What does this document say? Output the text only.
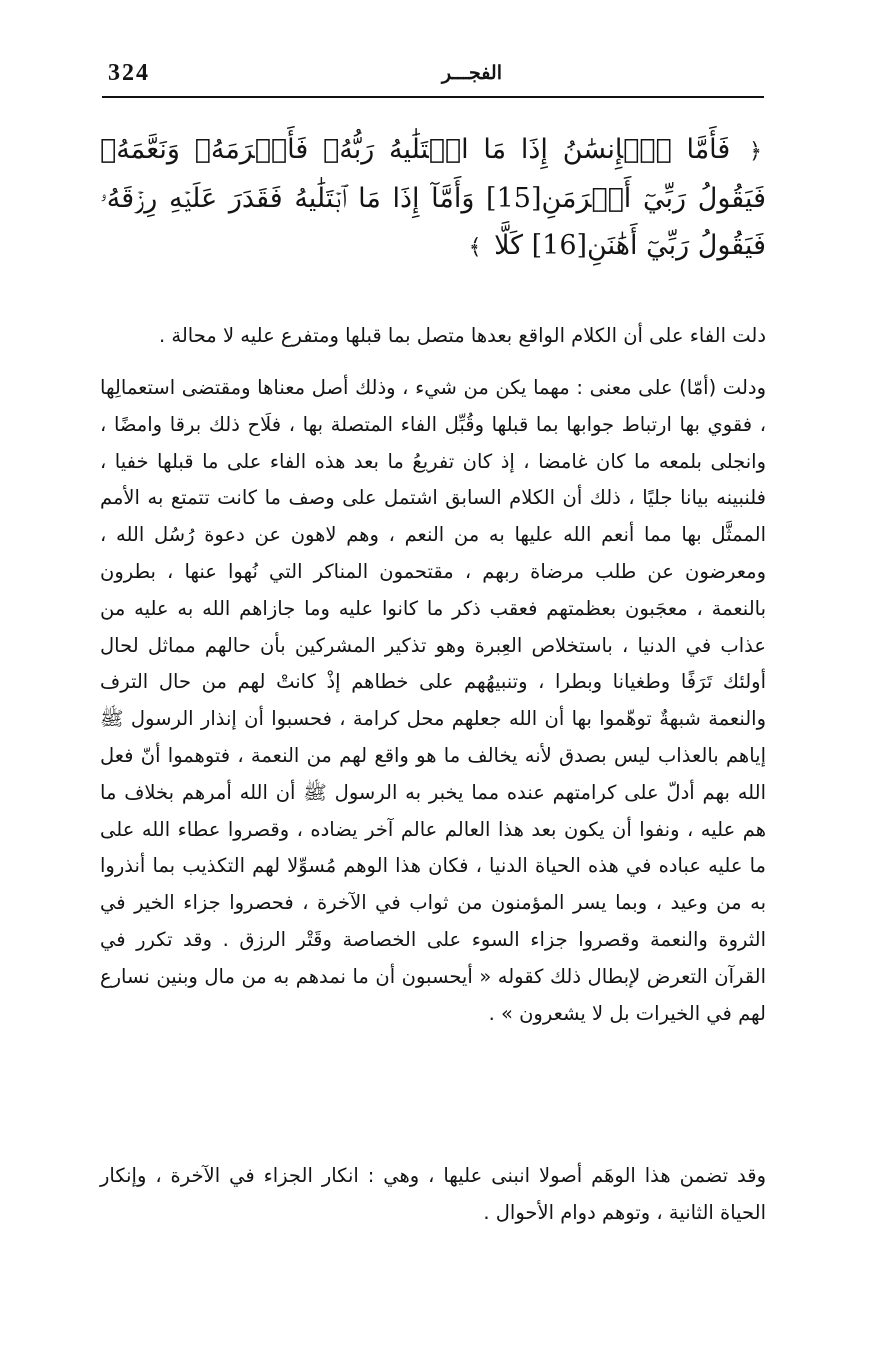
324	الفجـــر
﴿ فَأَمَّا ٱلۡإِنسَٰنُ إِذَا مَا ابۡتَلَٰيهُ رَبُّهُۥ فَأَكۡرَمَهُۥ وَنَعَّمَهُۥ فَيَقُولُ رَبِّيٓ أَكۡرَمَنِ[15] وَأَمَّآ إِذَا مَا ٱبۡتَلَٰيهُ فَقَدَرَ عَلَيۡهِ رِزۡقَهُۥ فَيَقُولُ رَبِّيٓ أَهَٰنَنِ[16] كَلَّا ﴾

دلت الفاء على أن الكلام الواقع بعدها متصل بما قبلها ومتفرع عليه لا محالة .

ودلت (أمّا) على معنى : مهما يكن من شيء ، وذلك أصل معناها ومقتضى استعمالِها ، فقوي بها ارتباط جوابها بما قبلها وقُبِّل الفاء المتصلة بها ، فلَاح ذلك برقا وامضًا ، وانجلى بلمعه ما كان غامضا ، إذ كان تفريعُ ما بعد هذه الفاء على ما قبلها خفيا ، فلنبينه بيانا جليًا ، ذلك أن الكلام السابق اشتمل على وصف ما كانت تتمتع به الأمم الممثَّل بها مما أنعم الله عليها به من النعم ، وهم لاهون عن دعوة رُسُل الله ، ومعرضون عن طلب مرضاة ربهم ، مقتحمون المناكر التي نُهوا عنها ، بطرون بالنعمة ، معجَبون بعظمتهم فعقب ذكر ما كانوا عليه وما جازاهم الله به عليه من عذاب في الدنيا ، باستخلاص العِبرة وهو تذكير المشركين بأن حالهم مماثل لحال أولئك تَرَفًا وطغيانا وبطرا ، وتنبيهُهم على خطاهم إذْ كانتْ لهم من حال الترف والنعمة شبهةٌ توهّموا بها أن الله جعلهم محل كرامة ، فحسبوا أن إنذار الرسول ﷺ إياهم بالعذاب ليس بصدق لأنه يخالف ما هو واقع لهم من النعمة ، فتوهموا أنّ فعل الله بهم أدلّ على كرامتهم عنده مما يخبر به الرسول ﷺ أن الله أمرهم بخلاف ما هم عليه ، ونفوا أن يكون بعد هذا العالم عالم آخر يضاده ، وقصروا عطاء الله على ما عليه عباده في هذه الحياة الدنيا ، فكان هذا الوهم مُسوِّلا لهم التكذيب بما أنذروا به من وعيد ، وبما يسر المؤمنون من ثواب في الآخرة ، فحصروا جزاء الخير في الثروة والنعمة وقصروا جزاء السوء على الخصاصة وقَتْر الرزق . وقد تكرر في القرآن التعرض لإبطال ذلك كقوله « أيحسبون أن ما نمدهم به من مال وبنين نسارع لهم في الخيرات بل لا يشعرون » .

وقد تضمن هذا الوهَم أصولا انبنى عليها ، وهي : انكار الجزاء في الآخرة ، وإنكار الحياة الثانية ، وتوهم دوام الأحوال .
